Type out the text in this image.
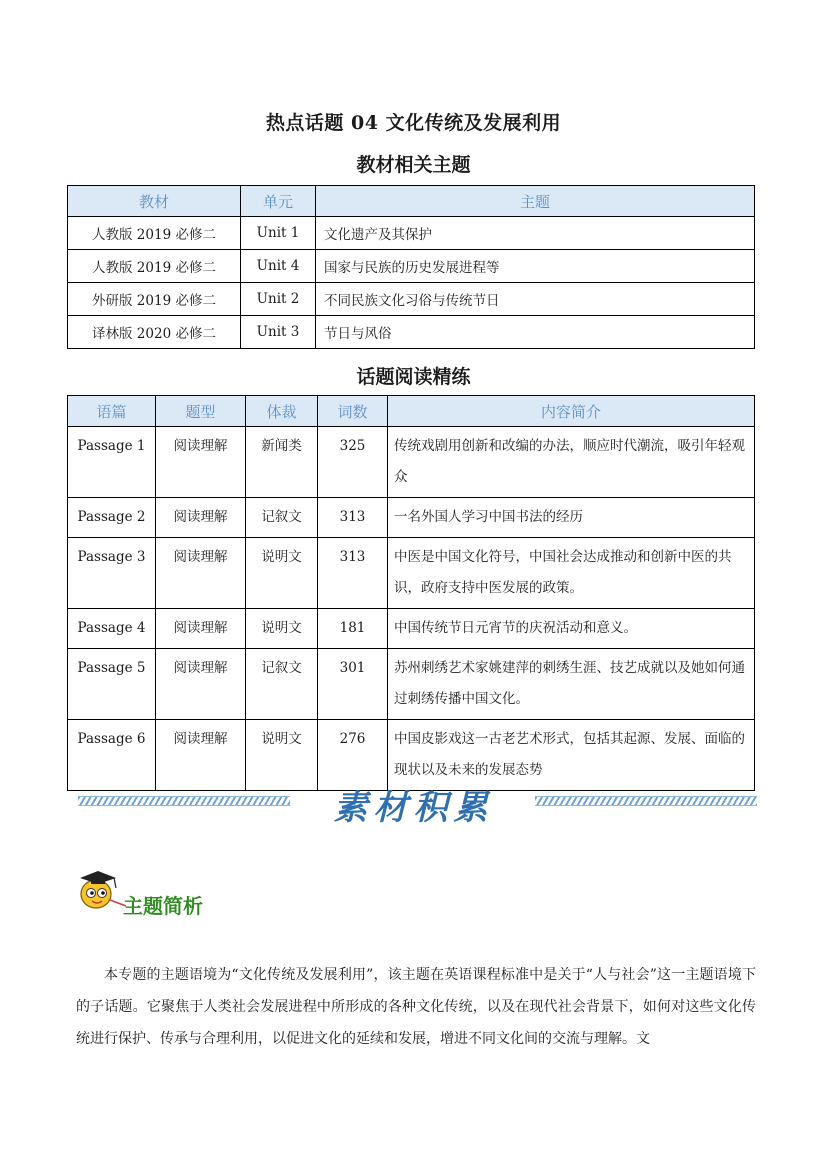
热点话题 04 文化传统及发展利用
教材相关主题
教材	单元	主题
人教版 2019 必修二	Unit 1	文化遗产及其保护
人教版 2019 必修二	Unit 4	国家与民族的历史发展进程等
外研版 2019 必修二	Unit 2	不同民族文化习俗与传统节日
译林版 2020 必修二	Unit 3	节日与风俗
话题阅读精练
语篇	题型	体裁	词数	内容简介
Passage 1	阅读理解	新闻类	325	传统戏剧用创新和改编的办法，顺应时代潮流，吸引年轻观众
Passage 2	阅读理解	记叙文	313	一名外国人学习中国书法的经历
Passage 3	阅读理解	说明文	313	中医是中国文化符号，中国社会达成推动和创新中医的共识，政府支持中医发展的政策。
Passage 4	阅读理解	说明文	181	中国传统节日元宵节的庆祝活动和意义。
Passage 5	阅读理解	记叙文	301	苏州刺绣艺术家姚建萍的刺绣生涯、技艺成就以及她如何通过刺绣传播中国文化。
Passage 6	阅读理解	说明文	276	中国皮影戏这一古老艺术形式，包括其起源、发展、面临的现状以及未来的发展态势
素材积累
主题简析
本专题的主题语境为“文化传统及发展利用”，该主题在英语课程标准中是关于“人与社会”这一主题语境下的子话题。它聚焦于人类社会发展进程中所形成的各种文化传统，以及在现代社会背景下，如何对这些文化传统进行保护、传承与合理利用，以促进文化的延续和发展，增进不同文化间的交流与理解。文
